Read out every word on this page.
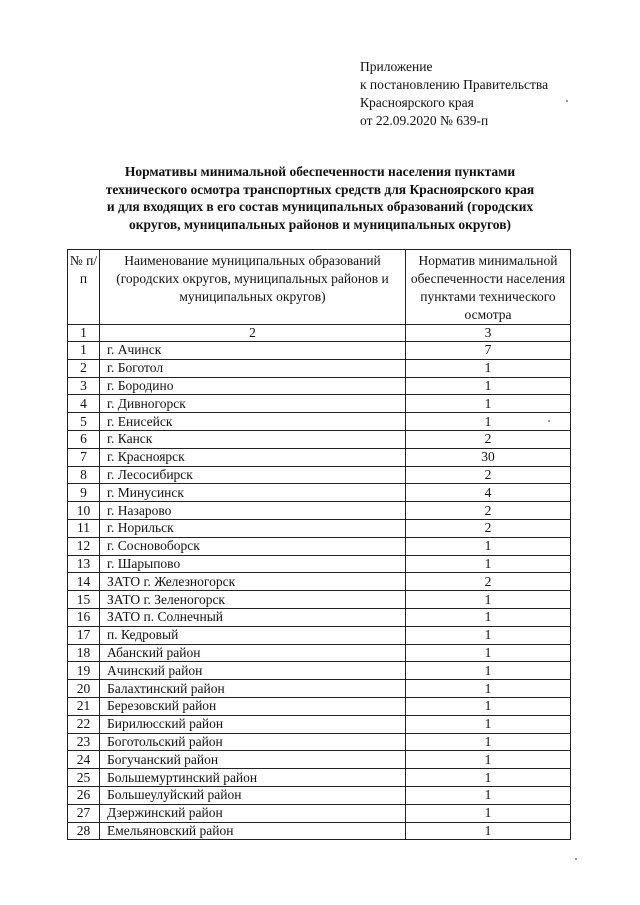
Приложение
к постановлению Правительства
Красноярского края
от 22.09.2020 № 639-п
Нормативы минимальной обеспеченности населения пунктами
технического осмотра транспортных средств для Красноярского края
и для входящих в его состав муниципальных образований (городских
округов, муниципальных районов и муниципальных округов)
№ п/п	Наименование муниципальных образований (городских округов, муниципальных районов и муниципальных округов)	Норматив минимальной обеспеченности населения пунктами технического осмотра
1	2	3
1	г. Ачинск	7
2	г. Боготол	1
3	г. Бородино	1
4	г. Дивногорск	1
5	г. Енисейск	1
6	г. Канск	2
7	г. Красноярск	30
8	г. Лесосибирск	2
9	г. Минусинск	4
10	г. Назарово	2
11	г. Норильск	2
12	г. Сосновоборск	1
13	г. Шарыпово	1
14	ЗАТО г. Железногорск	2
15	ЗАТО г. Зеленогорск	1
16	ЗАТО п. Солнечный	1
17	п. Кедровый	1
18	Абанский район	1
19	Ачинский район	1
20	Балахтинский район	1
21	Березовский район	1
22	Бирилюсский район	1
23	Боготольский район	1
24	Богучанский район	1
25	Большемуртинский район	1
26	Большеулуйский район	1
27	Дзержинский район	1
28	Емельяновский район	1
